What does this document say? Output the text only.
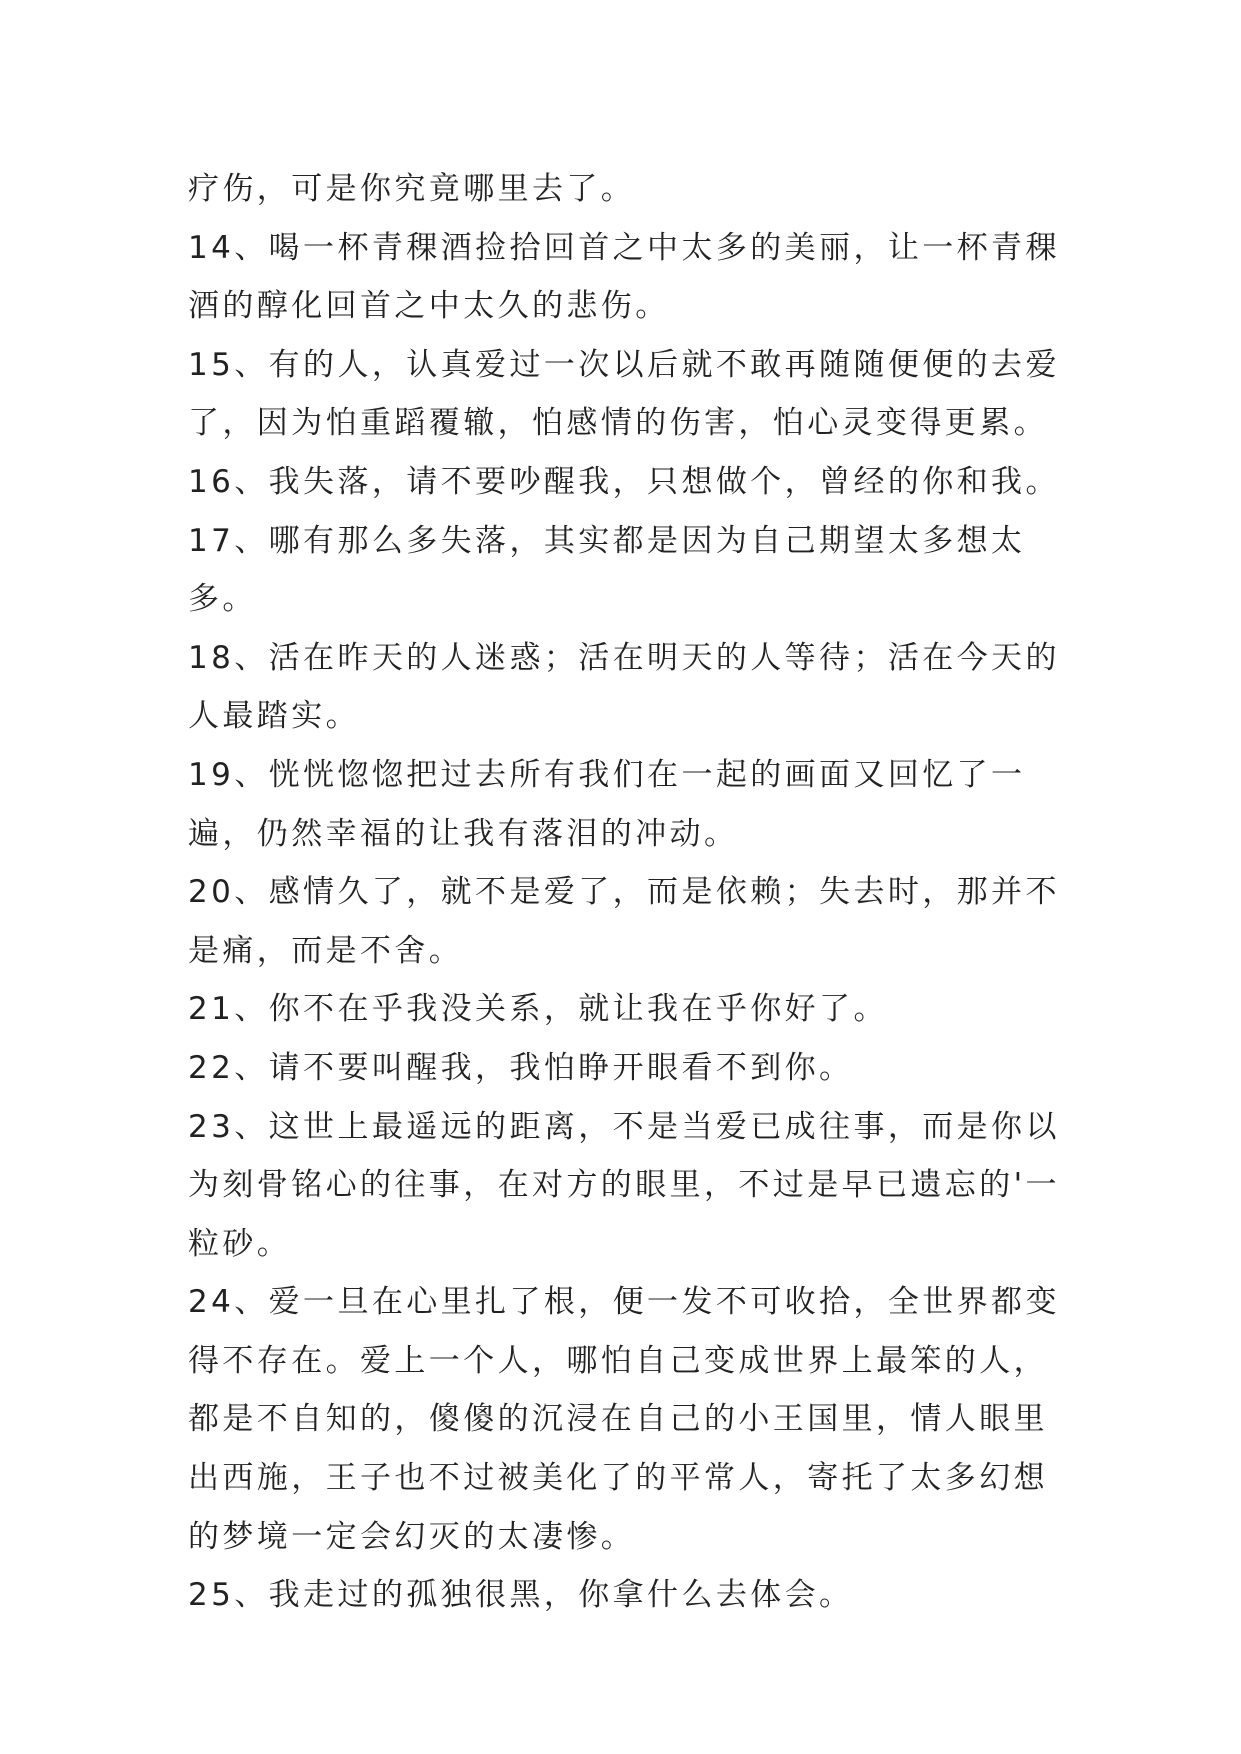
疗伤，可是你究竟哪里去了。

14、喝一杯青稞酒捡拾回首之中太多的美丽，让一杯青稞酒的醇化回首之中太久的悲伤。

15、有的人，认真爱过一次以后就不敢再随随便便的去爱了，因为怕重蹈覆辙，怕感情的伤害，怕心灵变得更累。

16、我失落，请不要吵醒我，只想做个，曾经的你和我。

17、哪有那么多失落，其实都是因为自己期望太多想太多。

18、活在昨天的人迷惑；活在明天的人等待；活在今天的人最踏实。

19、恍恍惚惚把过去所有我们在一起的画面又回忆了一遍，仍然幸福的让我有落泪的冲动。

20、感情久了，就不是爱了，而是依赖；失去时，那并不是痛，而是不舍。

21、你不在乎我没关系，就让我在乎你好了。

22、请不要叫醒我，我怕睁开眼看不到你。

23、这世上最遥远的距离，不是当爱已成往事，而是你以为刻骨铭心的往事，在对方的眼里，不过是早已遗忘的'一粒砂。

24、爱一旦在心里扎了根，便一发不可收拾，全世界都变得不存在。爱上一个人，哪怕自己变成世界上最笨的人，都是不自知的，傻傻的沉浸在自己的小王国里，情人眼里出西施，王子也不过被美化了的平常人，寄托了太多幻想的梦境一定会幻灭的太凄惨。

25、我走过的孤独很黑，你拿什么去体会。
